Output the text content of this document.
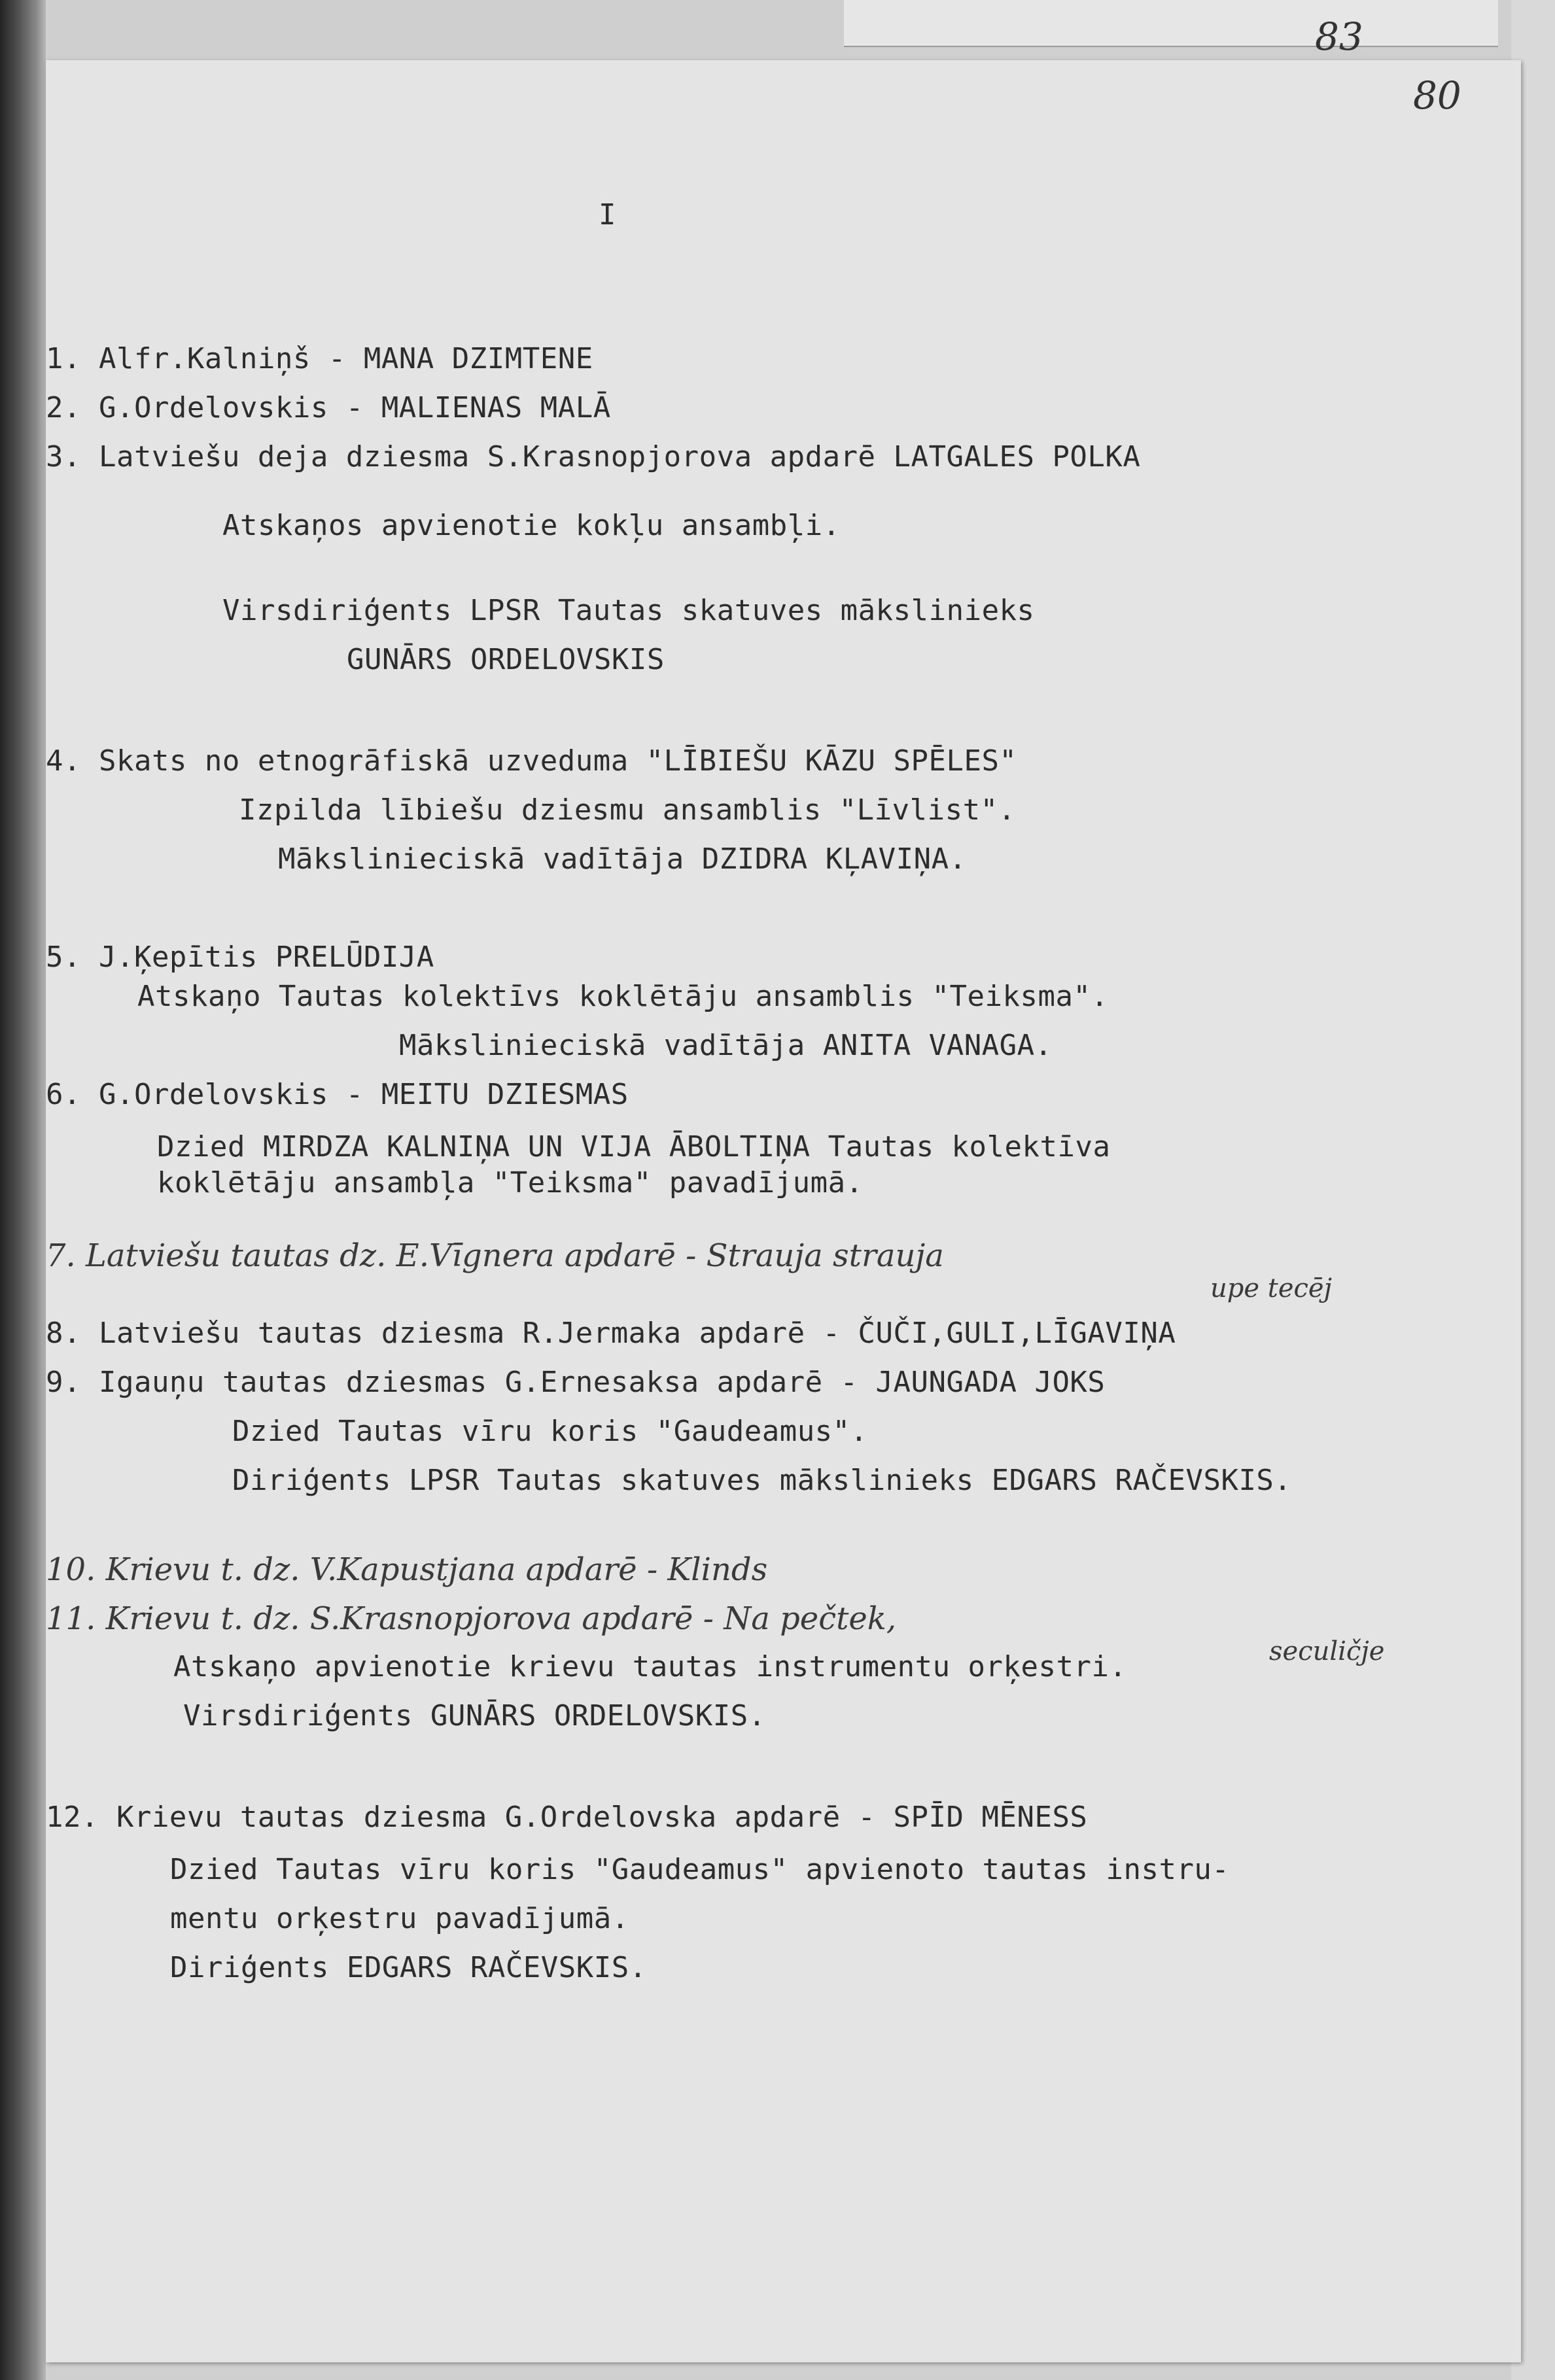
83
80
I
1. Alfr.Kalniņš - MANA DZIMTENE
2. G.Ordelovskis - MALIENAS MALĀ
3. Latviešu deja dziesma S.Krasnopjorova apdarē LATGALES POLKA
Atskaņos apvienotie kokļu ansambļi.
Virsdiriģents LPSR Tautas skatuves mākslinieks
GUNĀRS ORDELOVSKIS
4. Skats no etnogrāfiskā uzveduma "LĪBIEŠU KĀZU SPĒLES"
Izpilda lībiešu dziesmu ansamblis "Līvlist".
Mākslinieciskā vadītāja DZIDRA KĻAVIŅA.
5. J.Ķepītis PRELŪDIJA
Atskaņo Tautas kolektīvs koklētāju ansamblis "Teiksma".
Mākslinieciskā vadītāja ANITA VANAGA.
6. G.Ordelovskis - MEITU DZIESMAS
Dzied MIRDZA KALNIŅA UN VIJA ĀBOLTIŅA Tautas kolektīva
koklētāju ansambļa "Teiksma" pavadījumā.
7. Latviešu tautas dz. E.Vīgnera apdarē - Strauja strauja
upe tecēj
8. Latviešu tautas dziesma R.Jermaka apdarē - ČUČI,GULI,LĪGAVIŅA
9. Igauņu tautas dziesmas G.Ernesaksa apdarē - JAUNGADA JOKS
Dzied Tautas vīru koris "Gaudeamus".
Diriģents LPSR Tautas skatuves mākslinieks EDGARS RAČEVSKIS.
10. Krievu t. dz. V.Kapustjana apdarē - Klinds
11. Krievu t. dz. S.Krasnopjorova apdarē - Na pečtek,
seculičje
Atskaņo apvienotie krievu tautas instrumentu orķestri.
Virsdiriģents GUNĀRS ORDELOVSKIS.
12. Krievu tautas dziesma G.Ordelovska apdarē - SPĪD MĒNESS
Dzied Tautas vīru koris "Gaudeamus" apvienoto tautas instru-
mentu orķestru pavadījumā.
Diriģents EDGARS RAČEVSKIS.
